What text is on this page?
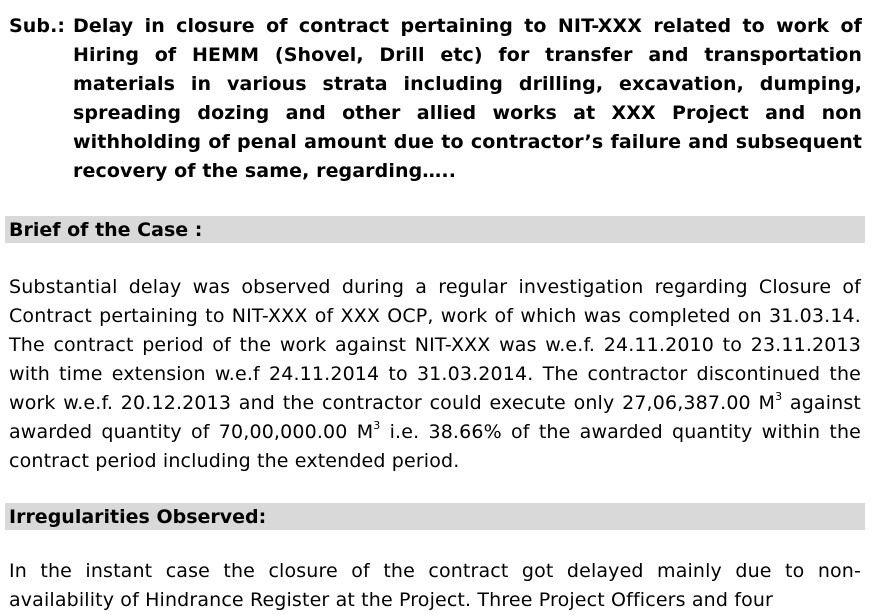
Sub.: Delay in closure of contract pertaining to NIT-XXX related to work of Hiring of HEMM (Shovel, Drill etc) for transfer and transportation materials in various strata including drilling, excavation, dumping, spreading dozing and other allied works at XXX Project and non withholding of penal amount due to contractor’s failure and subsequent recovery of the same, regarding…..
Brief of the Case :
Substantial delay was observed during a regular investigation regarding Closure of Contract pertaining to NIT-XXX of XXX OCP, work of which was completed on 31.03.14. The contract period of the work against NIT-XXX was w.e.f. 24.11.2010 to 23.11.2013 with time extension w.e.f 24.11.2014 to 31.03.2014. The contractor discontinued the work w.e.f. 20.12.2013 and the contractor could execute only 27,06,387.00 $M^3$ against awarded quantity of 70,00,000.00 $M^3$ i.e. 38.66% of the awarded quantity within the contract period including the extended period.
Irregularities Observed:
In the instant case the closure of the contract got delayed mainly due to non-availability of Hindrance Register at the Project. Three Project Officers and four
